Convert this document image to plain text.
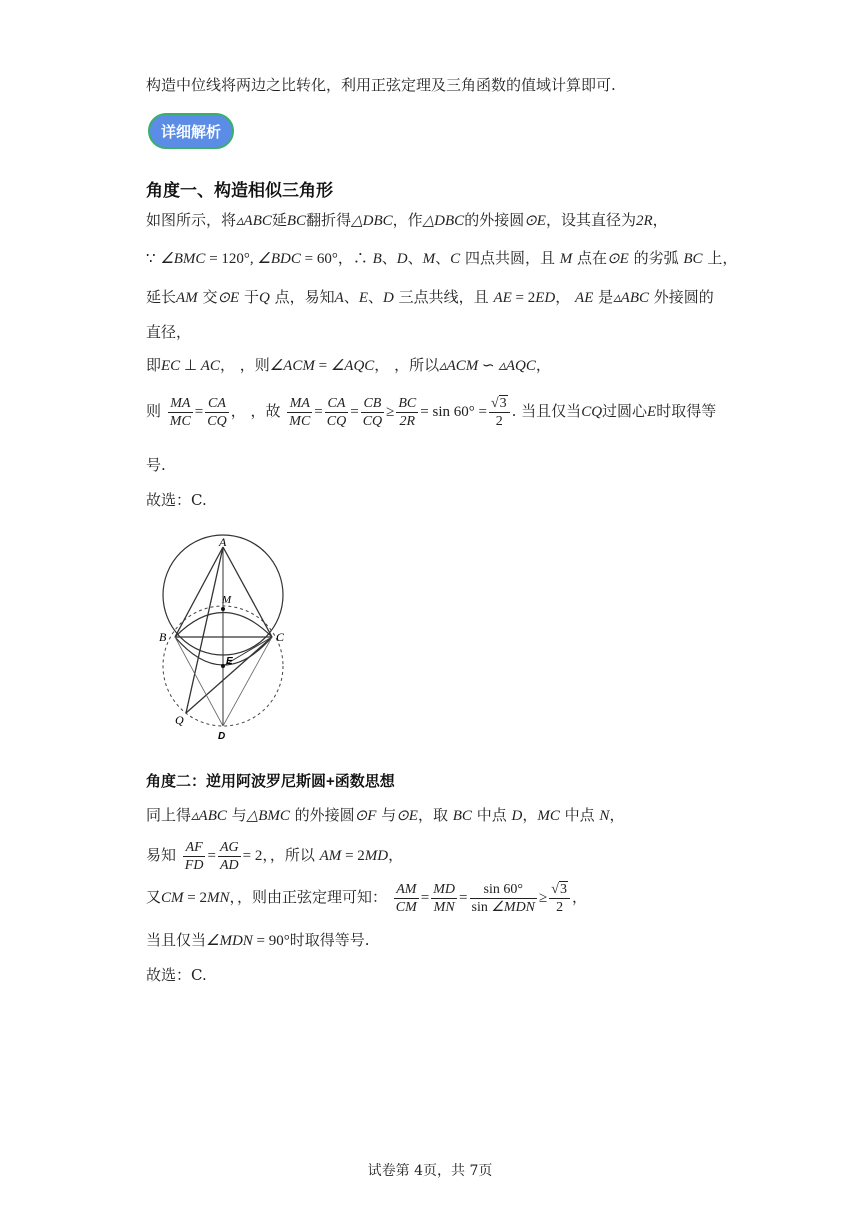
构造中位线将两边之比转化，利用正弦定理及三角函数的值域计算即可.
详细解析
角度一、构造相似三角形
如图所示，将▵ABC延BC翻折得△DBC，作△DBC的外接圆⊙E，设其直径为2R，
∵ ∠BMC = 120°, ∠BDC = 60°，∴ B、D、M、C 四点共圆，且 M 点在⊙E 的劣弧 BC 上，
延长AM 交⊙E 于Q 点，易知A、E、D 三点共线，且 AE = 2ED， AE 是▵ABC 外接圆的
直径，
即EC ⊥ AC， ，则∠ACM = ∠AQC， ，所以▵ACM ∽ ▵AQC，
则 $\frac{MA}{MC} = \frac{CA}{CQ}$ ， ，故 $\frac{MA}{MC} = \frac{CA}{CQ} = \frac{CB}{CQ} \ge \frac{BC}{2R} = \sin 60^\circ = \frac{√3}{2}$ . 当且仅当CQ过圆心E时取得等
号.
故选：C.
A
M
B	C
E
Q
D
角度二：逆用阿波罗尼斯圆+函数思想
同上得▵ABC 与△BMC 的外接圆⊙F 与⊙E，取 BC 中点 D，MC 中点 N，
易知 $\frac{AF}{FD} = \frac{AG}{AD} = 2$，，所以 AM = 2MD，
又CM = 2MN，，则由正弦定理可知： $\frac{AM}{CM} = \frac{MD}{MN} = \frac{\sin 60^\circ}{\text{sin ∠MDN}} \ge \frac{√3}{2}$ ，
当且仅当∠MDN = 90°时取得等号.
故选：C.
试卷第 4页，共 7页
